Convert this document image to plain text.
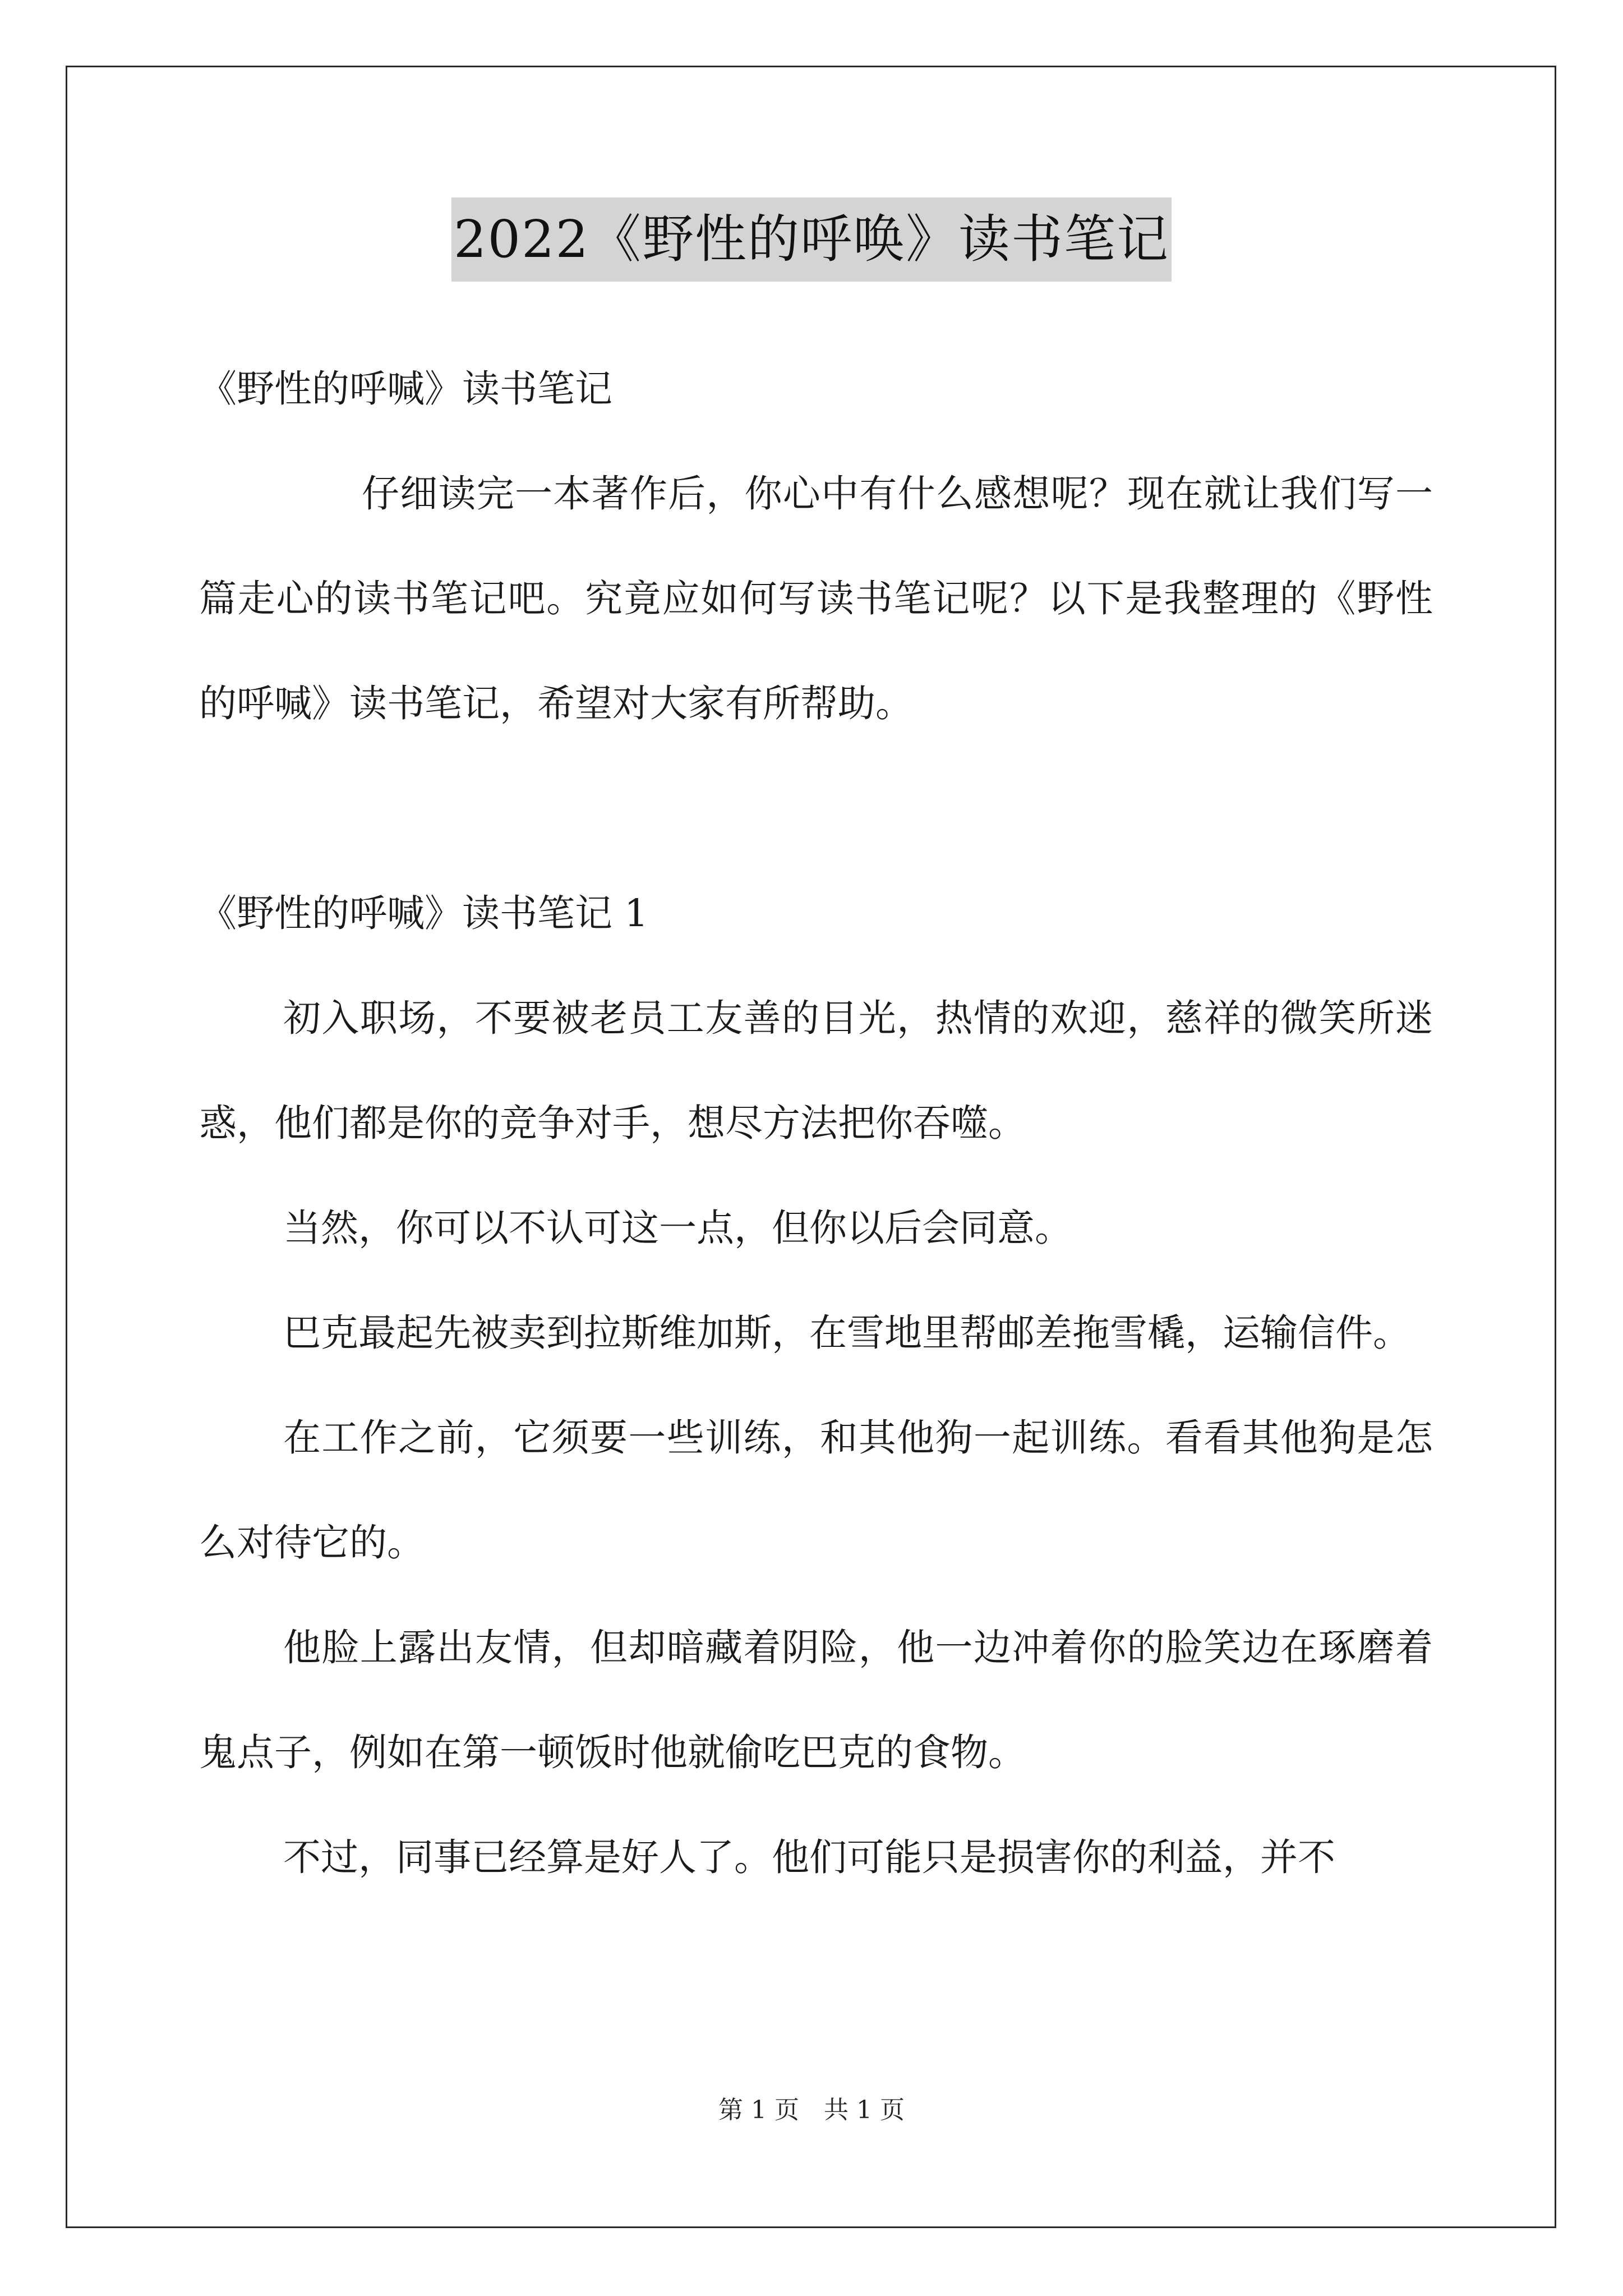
2022《野性的呼唤》读书笔记

《野性的呼喊》读书笔记

仔细读完一本著作后，你心中有什么感想呢？现在就让我们写一篇走心的读书笔记吧。究竟应如何写读书笔记呢？以下是我整理的《野性的呼喊》读书笔记，希望对大家有所帮助。

《野性的呼喊》读书笔记 1

初入职场，不要被老员工友善的目光，热情的欢迎，慈祥的微笑所迷惑，他们都是你的竞争对手，想尽方法把你吞噬。

当然，你可以不认可这一点，但你以后会同意。

巴克最起先被卖到拉斯维加斯，在雪地里帮邮差拖雪橇，运输信件。

在工作之前，它须要一些训练，和其他狗一起训练。看看其他狗是怎么对待它的。

他脸上露出友情，但却暗藏着阴险，他一边冲着你的脸笑边在琢磨着鬼点子，例如在第一顿饭时他就偷吃巴克的食物。

不过，同事已经算是好人了。他们可能只是损害你的利益，并不

第 1 页　共 1 页
